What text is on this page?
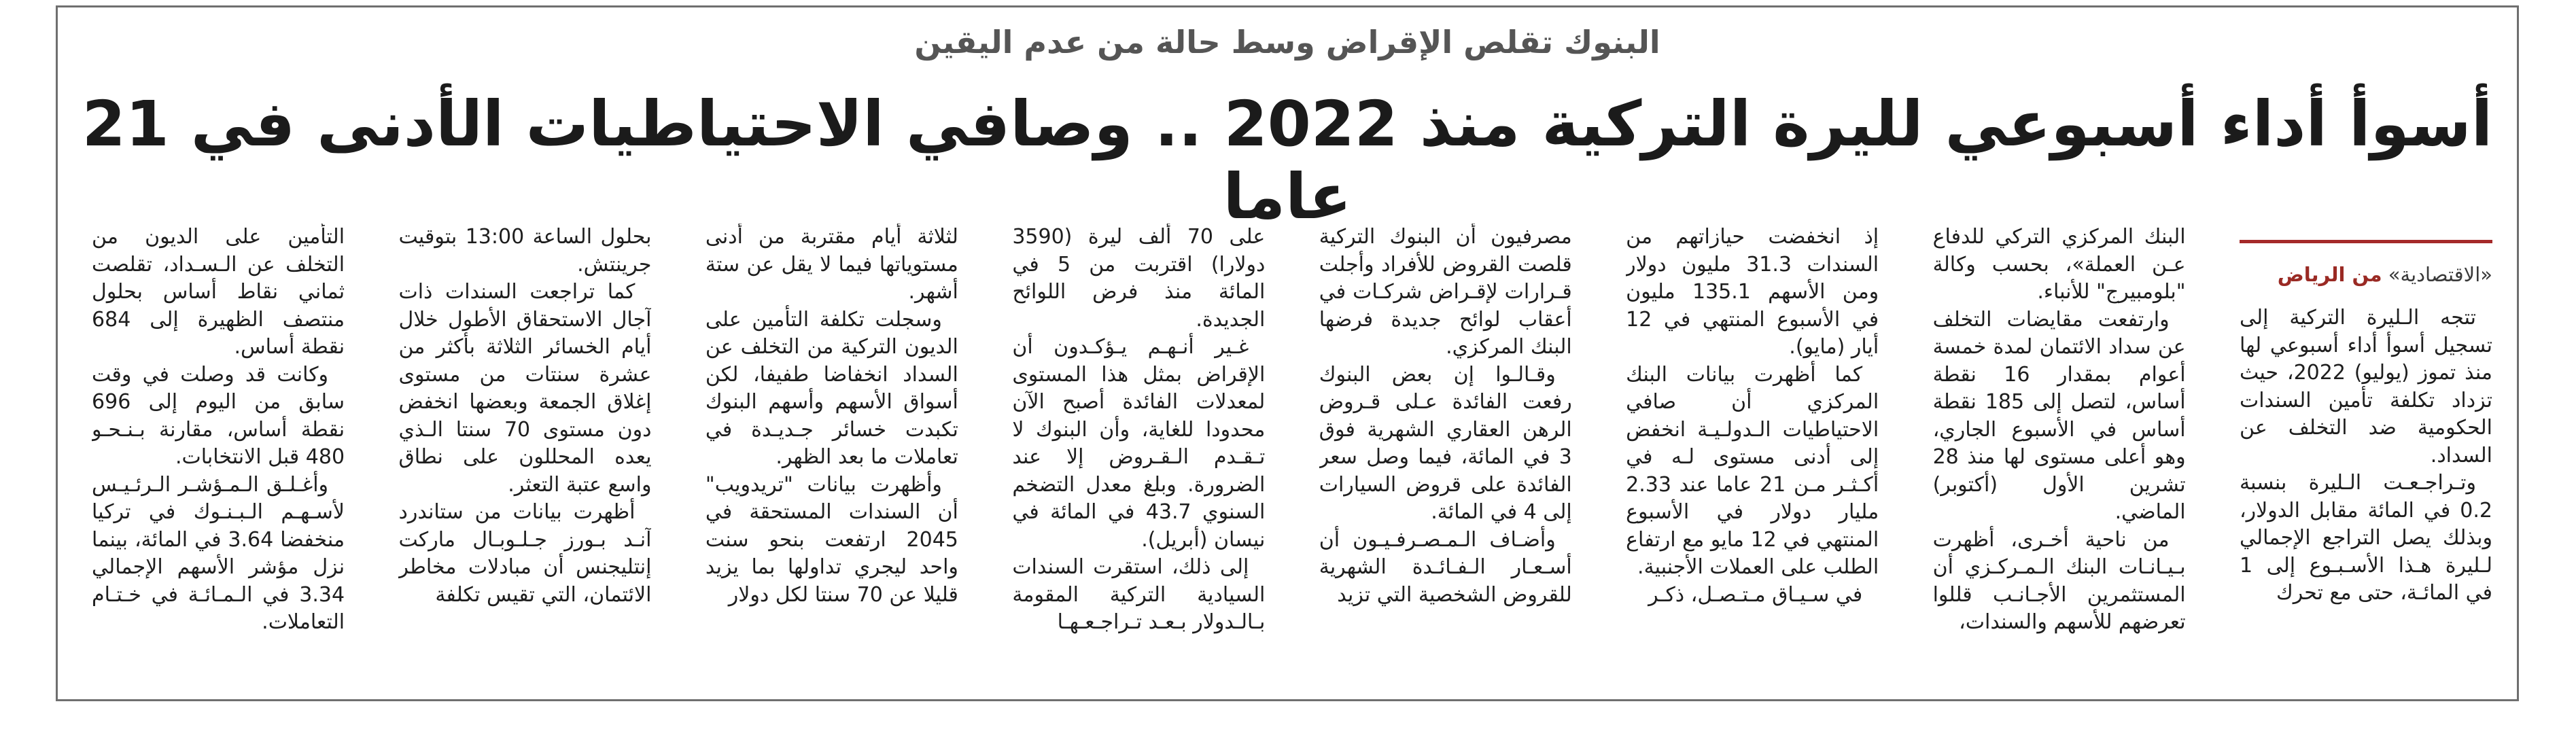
البنوك تقلص الإقراض وسط حالة من عدم اليقين
أسوأ أداء أسبوعي لليرة التركية منذ 2022 .. وصافي الاحتياطيات الأدنى في 21 عاما
«الاقتصادية» من الرياض

تتجه الـليرة التركية إلى تسجيل أسوأ أداء أسبوعي لها منذ تموز (يوليو) 2022، حيث تزداد تكلفة تأمين السندات الحكومية ضد التخلف عن السداد.

وتـراجـعـت الـليرة بنسبة 0.2 في المائة مقابل الدولار، وبذلك يصل التراجع الإجمالي لـليرة هـذا الأسـبـوع إلى 1 في المائـة، حتى مع تحرك

البنك المركزي التركي للدفاع عـن العملة»، بحسب وكالة "بلومبيرج" للأنباء.

وارتفعت مقايضات التخلف عن سداد الائتمان لمدة خمسة أعوام بمقدار 16 نقطة أساس، لتصل إلى 185 نقطة أساس في الأسبوع الجاري، وهو أعلى مستوى لها منذ 28 تشرين الأول (أكتوبر) الماضي.

من ناحية أخـرى، أظهرت بـيـانـات البنك الـمـركـزي أن المستثمرين الأجـانـب قللوا تعرضهم للأسهم والسندات،

إذ انخفضت حيازاتهم من السندات 31.3 مليون دولار ومن الأسهم 135.1 مليون في الأسبوع المنتهي في 12 أيار (مايو).

كما أظهرت بيانات البنك المركزي أن صافي الاحتياطيات الـدولـيـة انخفض إلى أدنى مستوى لـه في أكـثـر مـن 21 عاما عند 2.33 مليار دولار في الأسبوع المنتهي في 12 مايو مع ارتفاع الطلب على العملات الأجنبية.

في سـيـاق مـتـصـل، ذكـر

مصرفيون أن البنوك التركية قلصت القروض للأفراد وأجلت قـرارات لإقـراض شركـات في أعقاب لوائح جديدة فرضها البنك المركزي.

وقـالـوا إن بعض البنوك رفعت الفائدة عـلى قـروض الرهن العقاري الشهرية فوق 3 في المائة، فيما وصل سعر الفائدة على قروض السيارات إلى 4 في المائة.

وأضـاف الـمـصـرفـيـون أن أسـعـار الـفـائـدة الشهرية للقروض الشخصية التي تزيد

على 70 ألف ليرة (3590 دولارا) اقتربت من 5 في المائة منذ فرض اللوائح الجديدة.

غـير أنـهـم يـؤكـدون أن الإقراض بمثل هذا المستوى لمعدلات الفائدة أصبح الآن محدودا للغاية، وأن البنوك لا تـقـدم الـقـروض إلا عند الضرورة. وبلغ معدل التضخم السنوي 43.7 في المائة في نيسان (أبريل).

إلى ذلك، استقرت السندات السيادية التركية المقومة بـالـدولار بـعـد تـراجـعـهـا

لثلاثة أيام مقتربة من أدنى مستوياتها فيما لا يقل عن ستة أشهر.

وسجلت تكلفة التأمين على الديون التركية من التخلف عن السداد انخفاضا طفيفا، لكن أسواق الأسهم وأسهم البنوك تكبدت خسائر جـديـدة في تعاملات ما بعد الظهر.

وأظهرت بيانات "تريدويب" أن السندات المستحقة في 2045 ارتفعت بنحو سنت واحد ليجري تداولها بما يزيد قليلا عن 70 سنتا لكل دولار

بحلول الساعة 13:00 بتوقيت جرينتش.

كما تراجعت السندات ذات آجال الاستحقاق الأطول خلال أيام الخسائر الثلاثة بأكثر من عشرة سنتات من مستوى إغلاق الجمعة وبعضها انخفض دون مستوى 70 سنتا الـذي يعده المحللون على نطاق واسع عتبة التعثر.

أظهرت بيانات من ستاندرد آنـد بـورز جـلـوبـال ماركت إنتليجنس أن مبادلات مخاطر الائتمان، التي تقيس تكلفة

التأمين على الديون من التخلف عن الـسـداد، تقلصت ثماني نقاط أساس بحلول منتصف الظهيرة إلى 684 نقطة أساس.

وكانت قد وصلت في وقت سابق من اليوم إلى 696 نقطة أساس، مقارنة بـنـحـو 480 قبل الانتخابات.

وأغـلـق الـمـؤشـر الـرئـيـس لأسـهـم الـبـنـوك في تركيا منخفضا 3.64 في المائة، بينما نزل مؤشر الأسهم الإجمالي 3.34 في الـمـائـة في خـتـام التعاملات.
